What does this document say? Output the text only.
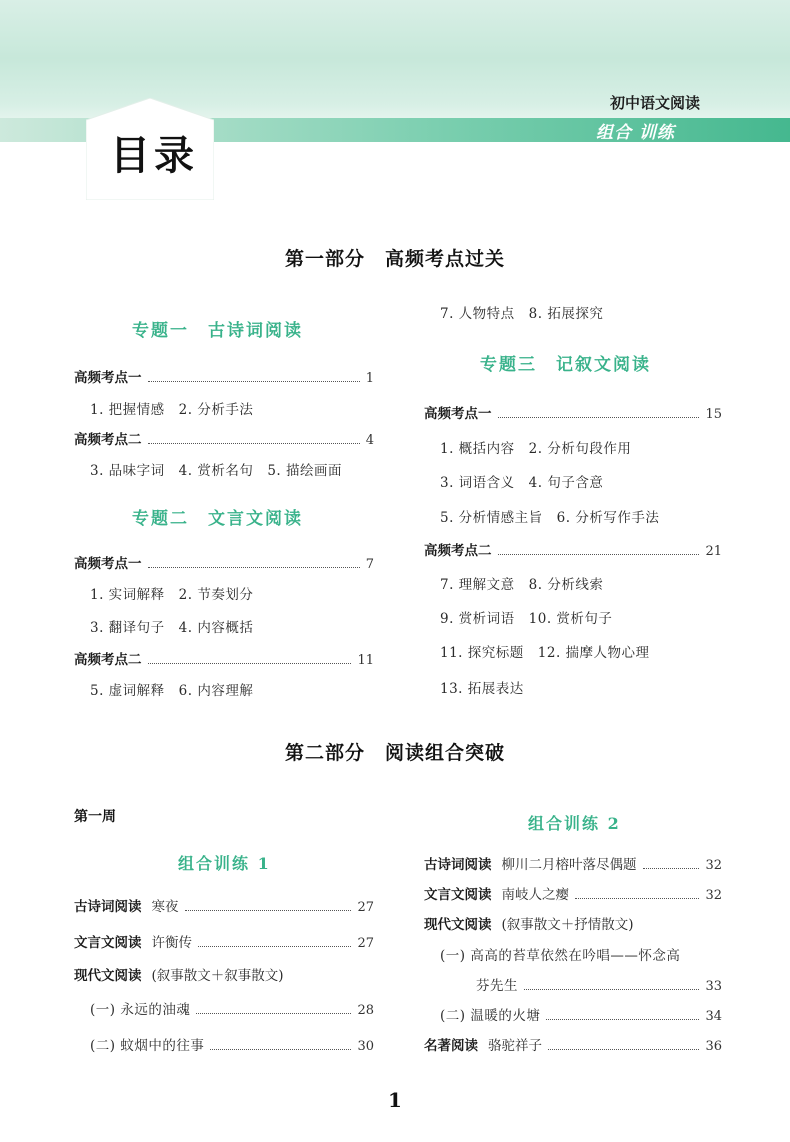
初中语文阅读
组合 训练
目录
第一部分　高频考点过关
专题一　古诗词阅读
高频考点一	1
1. 把握情感　2. 分析手法
高频考点二	4
3. 品味字词　4. 赏析名句　5. 描绘画面
专题二　文言文阅读
高频考点一	7
1. 实词解释　2. 节奏划分
3. 翻译句子　4. 内容概括
高频考点二	11
5. 虚词解释　6. 内容理解
7. 人物特点　8. 拓展探究
专题三　记叙文阅读
高频考点一	15
1. 概括内容　2. 分析句段作用
3. 词语含义　4. 句子含意
5. 分析情感主旨　6. 分析写作手法
高频考点二	21
7. 理解文意　8. 分析线索
9. 赏析词语　10. 赏析句子
11. 探究标题　12. 揣摩人物心理
13. 拓展表达
第二部分　阅读组合突破
第一周
组合训练 1
古诗词阅读 寒夜	27
文言文阅读 许衡传	27
现代文阅读 (叙事散文＋叙事散文)
(一) 永远的油魂	28
(二) 蚊烟中的往事	30
组合训练 2
古诗词阅读 柳川二月榕叶落尽偶题	32
文言文阅读 南岐人之瘿	32
现代文阅读 (叙事散文＋抒情散文)
(一) 高高的苔草依然在吟唱——怀念高
芬先生	33
(二) 温暖的火塘	34
名著阅读 骆驼祥子	36
1
